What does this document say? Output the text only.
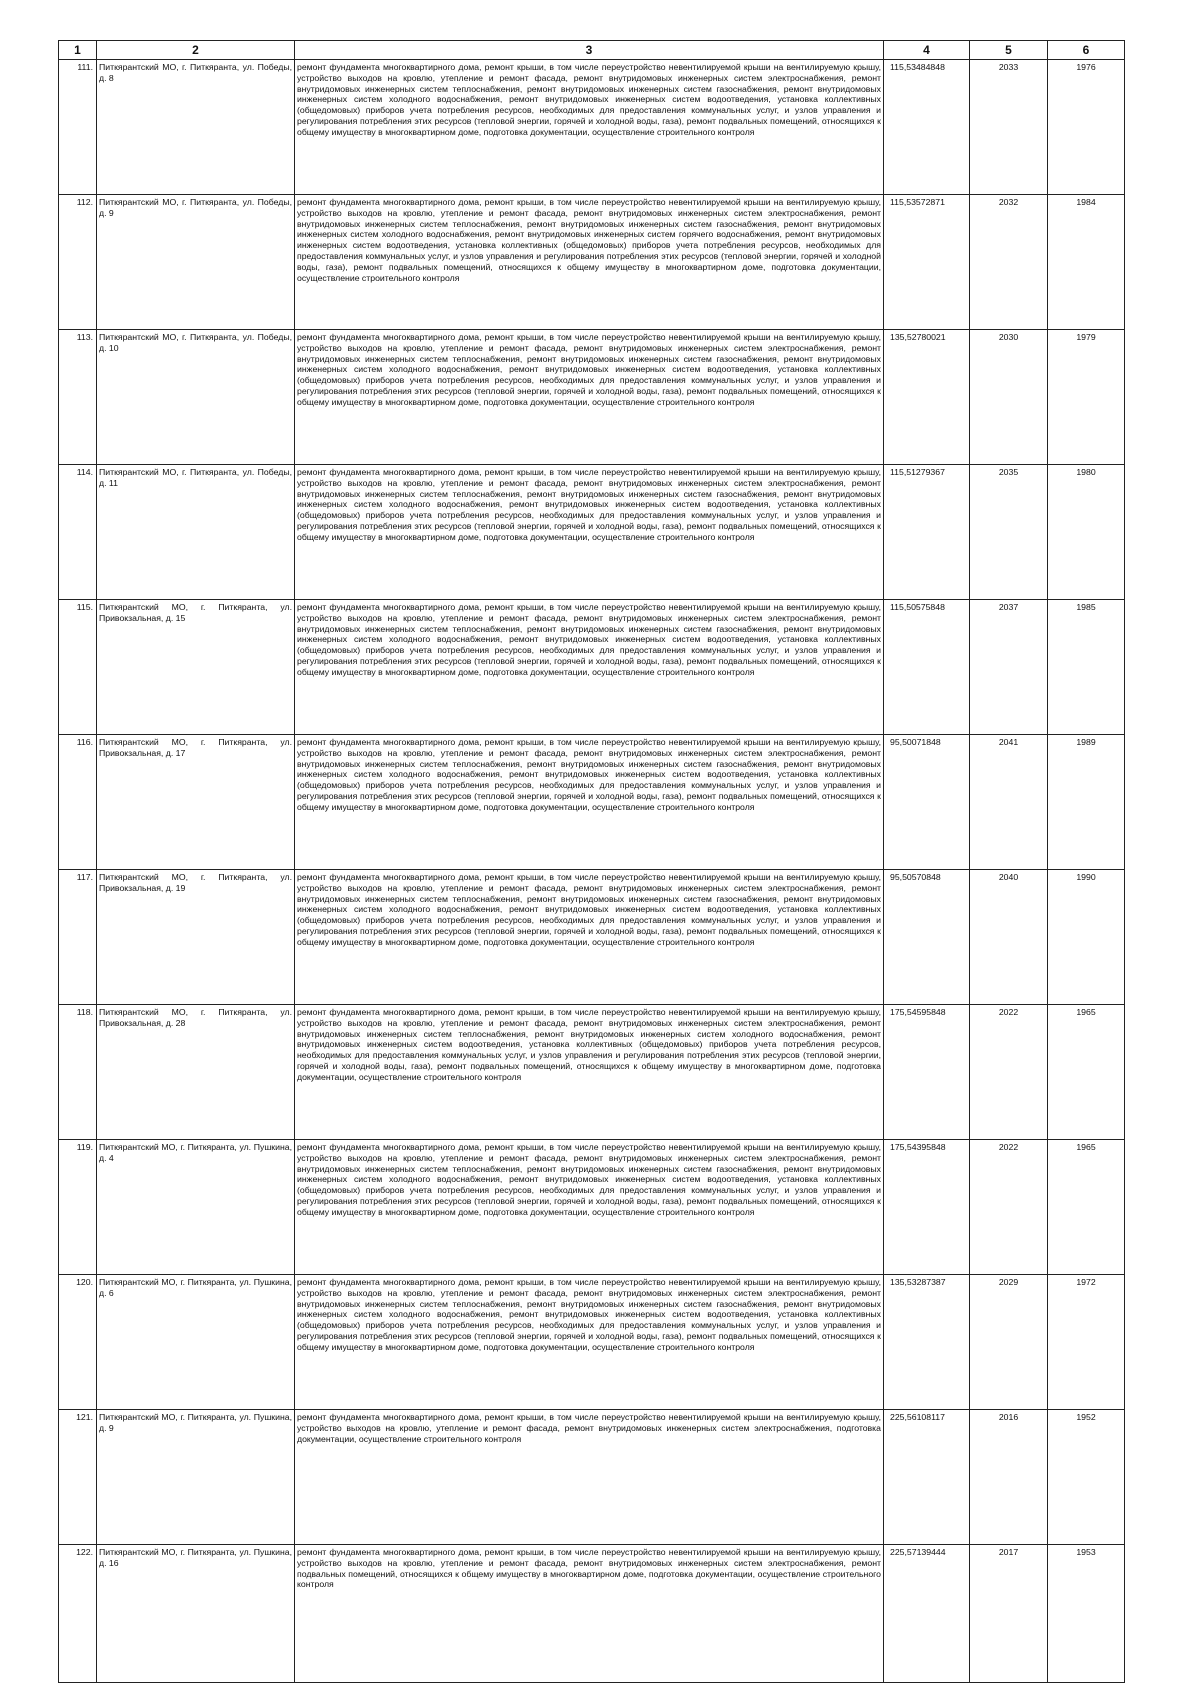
1	2	3	4	5	6
111.	Питкярантский МО, г. Питкяранта, ул. Победы, д. 8	ремонт фундамента многоквартирного дома, ремонт крыши, в том числе переустройство невентилируемой крыши на вентилируемую крышу, устройство выходов на кровлю, утепление и ремонт фасада, ремонт внутридомовых инженерных систем электроснабжения, ремонт внутридомовых инженерных систем теплоснабжения, ремонт внутридомовых инженерных систем газоснабжения, ремонт внутридомовых инженерных систем холодного водоснабжения, ремонт внутридомовых инженерных систем водоотведения, установка коллективных (общедомовых) приборов учета потребления ресурсов, необходимых для предоставления коммунальных услуг, и узлов управления и регулирования потребления этих ресурсов (тепловой энергии, горячей и холодной воды, газа), ремонт подвальных помещений, относящихся к общему имуществу в многоквартирном доме, подготовка документации, осуществление строительного контроля	115,53484848	2033	1976
112.	Питкярантский МО, г. Питкяранта, ул. Победы, д. 9	ремонт фундамента многоквартирного дома, ремонт крыши, в том числе переустройство невентилируемой крыши на вентилируемую крышу, устройство выходов на кровлю, утепление и ремонт фасада, ремонт внутридомовых инженерных систем электроснабжения, ремонт внутридомовых инженерных систем теплоснабжения, ремонт внутридомовых инженерных систем газоснабжения, ремонт внутридомовых инженерных систем холодного водоснабжения, ремонт внутридомовых инженерных систем горячего водоснабжения, ремонт внутридомовых инженерных систем водоотведения, установка коллективных (общедомовых) приборов учета потребления ресурсов, необходимых для предоставления коммунальных услуг, и узлов управления и регулирования потребления этих ресурсов (тепловой энергии, горячей и холодной воды, газа), ремонт подвальных помещений, относящихся к общему имуществу в многоквартирном доме, подготовка документации, осуществление строительного контроля	115,53572871	2032	1984
113.	Питкярантский МО, г. Питкяранта, ул. Победы, д. 10	ремонт фундамента многоквартирного дома, ремонт крыши, в том числе переустройство невентилируемой крыши на вентилируемую крышу, устройство выходов на кровлю, утепление и ремонт фасада, ремонт внутридомовых инженерных систем электроснабжения, ремонт внутридомовых инженерных систем теплоснабжения, ремонт внутридомовых инженерных систем газоснабжения, ремонт внутридомовых инженерных систем холодного водоснабжения, ремонт внутридомовых инженерных систем водоотведения, установка коллективных (общедомовых) приборов учета потребления ресурсов, необходимых для предоставления коммунальных услуг, и узлов управления и регулирования потребления этих ресурсов (тепловой энергии, горячей и холодной воды, газа), ремонт подвальных помещений, относящихся к общему имуществу в многоквартирном доме, подготовка документации, осуществление строительного контроля	135,52780021	2030	1979
114.	Питкярантский МО, г. Питкяранта, ул. Победы, д. 11	ремонт фундамента многоквартирного дома, ремонт крыши, в том числе переустройство невентилируемой крыши на вентилируемую крышу, устройство выходов на кровлю, утепление и ремонт фасада, ремонт внутридомовых инженерных систем электроснабжения, ремонт внутридомовых инженерных систем теплоснабжения, ремонт внутридомовых инженерных систем газоснабжения, ремонт внутридомовых инженерных систем холодного водоснабжения, ремонт внутридомовых инженерных систем водоотведения, установка коллективных (общедомовых) приборов учета потребления ресурсов, необходимых для предоставления коммунальных услуг, и узлов управления и регулирования потребления этих ресурсов (тепловой энергии, горячей и холодной воды, газа), ремонт подвальных помещений, относящихся к общему имуществу в многоквартирном доме, подготовка документации, осуществление строительного контроля	115,51279367	2035	1980
115.	Питкярантский МО, г. Питкяранта, ул. Привокзальная, д. 15	ремонт фундамента многоквартирного дома, ремонт крыши, в том числе переустройство невентилируемой крыши на вентилируемую крышу, устройство выходов на кровлю, утепление и ремонт фасада, ремонт внутридомовых инженерных систем электроснабжения, ремонт внутридомовых инженерных систем теплоснабжения, ремонт внутридомовых инженерных систем газоснабжения, ремонт внутридомовых инженерных систем холодного водоснабжения, ремонт внутридомовых инженерных систем водоотведения, установка коллективных (общедомовых) приборов учета потребления ресурсов, необходимых для предоставления коммунальных услуг, и узлов управления и регулирования потребления этих ресурсов (тепловой энергии, горячей и холодной воды, газа), ремонт подвальных помещений, относящихся к общему имуществу в многоквартирном доме, подготовка документации, осуществление строительного контроля	115,50575848	2037	1985
116.	Питкярантский МО, г. Питкяранта, ул. Привокзальная, д. 17	ремонт фундамента многоквартирного дома, ремонт крыши, в том числе переустройство невентилируемой крыши на вентилируемую крышу, устройство выходов на кровлю, утепление и ремонт фасада, ремонт внутридомовых инженерных систем электроснабжения, ремонт внутридомовых инженерных систем теплоснабжения, ремонт внутридомовых инженерных систем газоснабжения, ремонт внутридомовых инженерных систем холодного водоснабжения, ремонт внутридомовых инженерных систем водоотведения, установка коллективных (общедомовых) приборов учета потребления ресурсов, необходимых для предоставления коммунальных услуг, и узлов управления и регулирования потребления этих ресурсов (тепловой энергии, горячей и холодной воды, газа), ремонт подвальных помещений, относящихся к общему имуществу в многоквартирном доме, подготовка документации, осуществление строительного контроля	95,50071848	2041	1989
117.	Питкярантский МО, г. Питкяранта, ул. Привокзальная, д. 19	ремонт фундамента многоквартирного дома, ремонт крыши, в том числе переустройство невентилируемой крыши на вентилируемую крышу, устройство выходов на кровлю, утепление и ремонт фасада, ремонт внутридомовых инженерных систем электроснабжения, ремонт внутридомовых инженерных систем теплоснабжения, ремонт внутридомовых инженерных систем газоснабжения, ремонт внутридомовых инженерных систем холодного водоснабжения, ремонт внутридомовых инженерных систем водоотведения, установка коллективных (общедомовых) приборов учета потребления ресурсов, необходимых для предоставления коммунальных услуг, и узлов управления и регулирования потребления этих ресурсов (тепловой энергии, горячей и холодной воды, газа), ремонт подвальных помещений, относящихся к общему имуществу в многоквартирном доме, подготовка документации, осуществление строительного контроля	95,50570848	2040	1990
118.	Питкярантский МО, г. Питкяранта, ул. Привокзальная, д. 28	ремонт фундамента многоквартирного дома, ремонт крыши, в том числе переустройство невентилируемой крыши на вентилируемую крышу, устройство выходов на кровлю, утепление и ремонт фасада, ремонт внутридомовых инженерных систем электроснабжения, ремонт внутридомовых инженерных систем теплоснабжения, ремонт внутридомовых инженерных систем холодного водоснабжения, ремонт внутридомовых инженерных систем водоотведения, установка коллективных (общедомовых) приборов учета потребления ресурсов, необходимых для предоставления коммунальных услуг, и узлов управления и регулирования потребления этих ресурсов (тепловой энергии, горячей и холодной воды, газа), ремонт подвальных помещений, относящихся к общему имуществу в многоквартирном доме, подготовка документации, осуществление строительного контроля	175,54595848	2022	1965
119.	Питкярантский МО, г. Питкяранта, ул. Пушкина, д. 4	ремонт фундамента многоквартирного дома, ремонт крыши, в том числе переустройство невентилируемой крыши на вентилируемую крышу, устройство выходов на кровлю, утепление и ремонт фасада, ремонт внутридомовых инженерных систем электроснабжения, ремонт внутридомовых инженерных систем теплоснабжения, ремонт внутридомовых инженерных систем газоснабжения, ремонт внутридомовых инженерных систем холодного водоснабжения, ремонт внутридомовых инженерных систем водоотведения, установка коллективных (общедомовых) приборов учета потребления ресурсов, необходимых для предоставления коммунальных услуг, и узлов управления и регулирования потребления этих ресурсов (тепловой энергии, горячей и холодной воды, газа), ремонт подвальных помещений, относящихся к общему имуществу в многоквартирном доме, подготовка документации, осуществление строительного контроля	175,54395848	2022	1965
120.	Питкярантский МО, г. Питкяранта, ул. Пушкина, д. 6	ремонт фундамента многоквартирного дома, ремонт крыши, в том числе переустройство невентилируемой крыши на вентилируемую крышу, устройство выходов на кровлю, утепление и ремонт фасада, ремонт внутридомовых инженерных систем электроснабжения, ремонт внутридомовых инженерных систем теплоснабжения, ремонт внутридомовых инженерных систем газоснабжения, ремонт внутридомовых инженерных систем холодного водоснабжения, ремонт внутридомовых инженерных систем водоотведения, установка коллективных (общедомовых) приборов учета потребления ресурсов, необходимых для предоставления коммунальных услуг, и узлов управления и регулирования потребления этих ресурсов (тепловой энергии, горячей и холодной воды, газа), ремонт подвальных помещений, относящихся к общему имуществу в многоквартирном доме, подготовка документации, осуществление строительного контроля	135,53287387	2029	1972
121.	Питкярантский МО, г. Питкяранта, ул. Пушкина, д. 9	ремонт фундамента многоквартирного дома, ремонт крыши, в том числе переустройство невентилируемой крыши на вентилируемую крышу, устройство выходов на кровлю, утепление и ремонт фасада, ремонт внутридомовых инженерных систем электроснабжения, подготовка документации, осуществление строительного контроля	225,56108117	2016	1952
122.	Питкярантский МО, г. Питкяранта, ул. Пушкина, д. 16	ремонт фундамента многоквартирного дома, ремонт крыши, в том числе переустройство невентилируемой крыши на вентилируемую крышу, устройство выходов на кровлю, утепление и ремонт фасада, ремонт внутридомовых инженерных систем электроснабжения, ремонт подвальных помещений, относящихся к общему имуществу в многоквартирном доме, подготовка документации, осуществление строительного контроля	225,57139444	2017	1953
